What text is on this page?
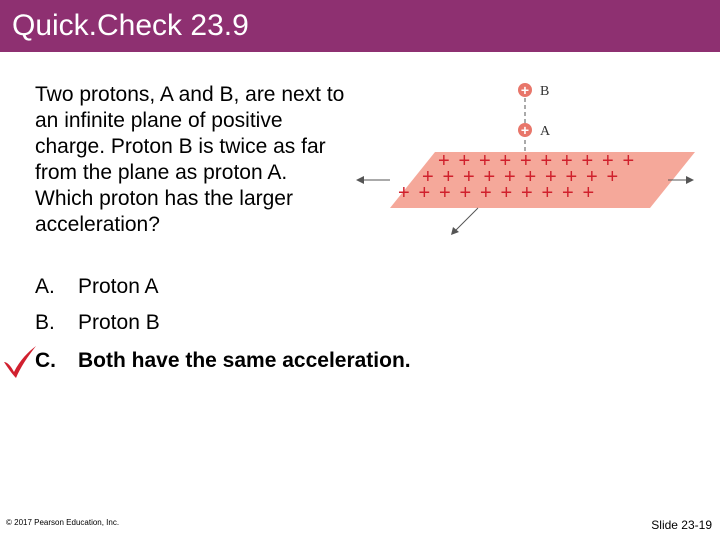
Quick.Check 23.9
Two protons, A and B, are next to an infinite plane of positive charge. Proton B is twice as far from the plane as proton A. Which proton has the larger acceleration?
A. Proton A
B. Proton B
C. Both have the same acceleration.
+ + + + + + + + + +
+ + + + + + + + + +
+ + + + + + + + + +
+ B
+ A
© 2017 Pearson Education, Inc.	Slide 23-19
